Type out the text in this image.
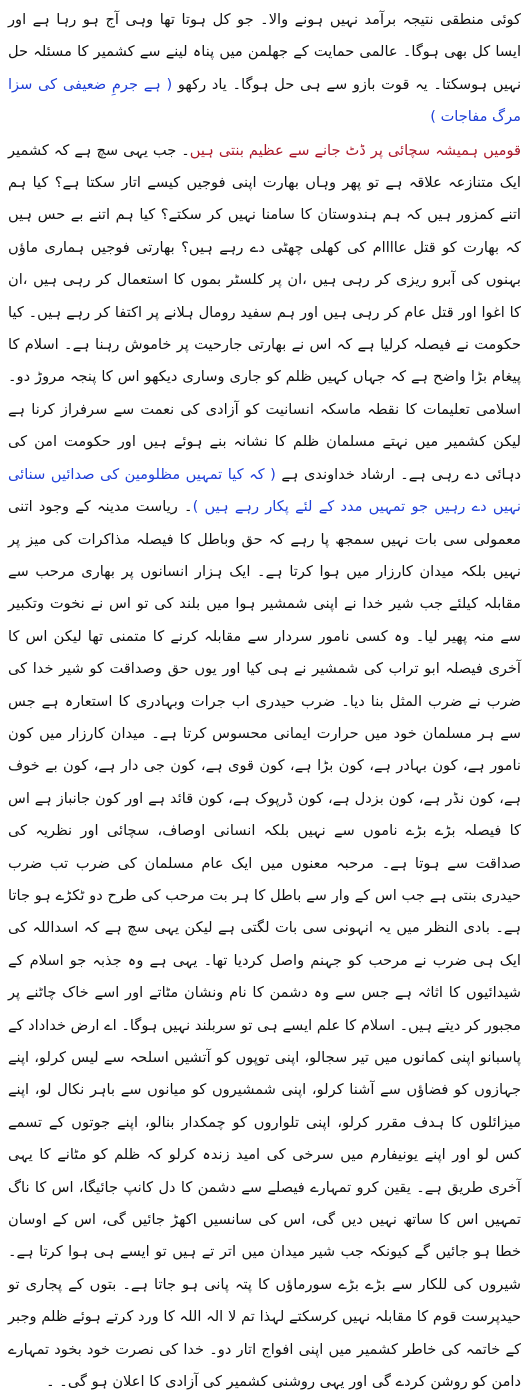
کوئی منطقی نتیجہ برآمد نہیں ہونے والا۔ جو کل ہوتا تھا وہی آج ہو رہا ہے اور ایسا کل بھی ہوگا۔ عالمی حمایت کے جھلمن میں پناہ لینے سے کشمیر کا مسئلہ حل نہیں ہوسکتا۔ یہ قوت بازو سے ہی حل ہوگا۔ یاد رکھو ( ہے جرمِ ضعیفی کی سزا مرگ مفاجات )

قومیں ہمیشہ سچائی پر ڈٹ جانے سے عظیم بنتی ہیں۔ جب یہی سچ ہے کہ کشمیر ایک متنازعہ علاقہ ہے تو پھر وہاں بھارت اپنی فوجیں کیسے اتار سکتا ہے؟ کیا ہم اتنے کمزور ہیں کہ ہم ہندوستان کا سامنا نہیں کر سکتے؟ کیا ہم اتنے بے حس ہیں کہ بھارت کو قتل عاااام کی کھلی چھٹی دے رہے ہیں؟ بھارتی فوجیں ہماری ماؤں بہنوں کی آبرو ریزی کر رہی ہیں ،ان پر کلسٹر بموں کا استعمال کر رہی ہیں ،ان کا اغوا اور قتل عام کر رہی ہیں اور ہم سفید رومال ہلانے پر اکتفا کر رہے ہیں۔ کیا حکومت نے فیصلہ کرلیا ہے کہ اس نے بھارتی جارحیت پر خاموش رہنا ہے۔ اسلام کا پیغام بڑا واضح ہے کہ جہاں کہیں ظلم کو جاری وساری دیکھو اس کا پنجہ مروڑ دو۔ اسلامی تعلیمات کا نقطہ ماسکہ انسانیت کو آزادی کی نعمت سے سرفراز کرنا ہے لیکن کشمیر میں نہتے مسلمان ظلم کا نشانہ بنے ہوئے ہیں اور حکومت امن کی دہائی دے رہی ہے۔ ارشاد خداوندی ہے ( کہ کیا تمہیں مظلومین کی صدائیں سنائی نہیں دے رہیں جو تمہیں مدد کے لئے پکار رہے ہیں )۔ ریاست مدینہ کے وجود اتنی معمولی سی بات نہیں سمجھ پا رہے کہ حق وباطل کا فیصلہ مذاکرات کی میز پر نہیں بلکہ میدان کارزار میں ہوا کرتا ہے۔ ایک ہزار انسانوں پر بھاری مرحب سے مقابلہ کیلئے جب شیر خدا نے اپنی شمشیر ہوا میں بلند کی تو اس نے نخوت وتکبیر سے منہ پھیر لیا۔ وہ کسی نامور سردار سے مقابلہ کرنے کا متمنی تھا لیکن اس کا آخری فیصلہ ابو تراب کی شمشیر نے ہی کیا اور یوں حق وصداقت کو شیر خدا کی ضرب نے ضرب المثل بنا دیا۔ ضرب حیدری اب جرات وبہادری کا استعارہ ہے جس سے ہر مسلمان خود میں حرارت ایمانی محسوس کرتا ہے۔ میدان کارزار میں کون نامور ہے، کون بہادر ہے، کون بڑا ہے، کون قوی ہے، کون جی دار ہے، کون بے خوف ہے، کون نڈر ہے، کون بزدل ہے، کون ڈرپوک ہے، کون قائد ہے اور کون جانباز ہے اس کا فیصلہ بڑے بڑے ناموں سے نہیں بلکہ انسانی اوصاف، سچائی اور نظریہ کی صداقت سے ہوتا ہے۔ مرحبہ معنوں میں ایک عام مسلمان کی ضرب تب ضرب حیدری بنتی ہے جب اس کے وار سے باطل کا ہر بت مرحب کی طرح دو ٹکڑے ہو جاتا ہے۔ بادی النظر میں یہ انہونی سی بات لگتی ہے لیکن یہی سچ ہے کہ اسداللہ کی ایک ہی ضرب نے مرحب کو جہنم واصل کردیا تھا۔ یہی ہے وہ جذبہ جو اسلام کے شیدائیوں کا اثاثہ ہے جس سے وہ دشمن کا نام ونشان مٹاتے اور اسے خاک چاٹنے پر مجبور کر دیتے ہیں۔ اسلام کا علم ایسے ہی تو سربلند نہیں ہوگا۔ اے ارض خداداد کے پاسبانو اپنی کمانوں میں تیر سجالو، اپنی توپوں کو آتشیں اسلحہ سے لیس کرلو، اپنے جہازوں کو فضاؤں سے آشنا کرلو، اپنی شمشیروں کو میانوں سے باہر نکال لو، اپنے میزائلوں کا ہدف مقرر کرلو، اپنی تلواروں کو چمکدار بنالو، اپنے جوتوں کے تسمے کس لو اور اپنے یونیفارم میں سرخی کی امید زندہ کرلو کہ ظلم کو مٹانے کا یہی آخری طریق ہے۔ یقین کرو تمہارے فیصلے سے دشمن کا دل کانپ جائیگا، اس کا ناگ تمہیں اس کا ساتھ نہیں دیں گی، اس کی سانسیں اکھڑ جائیں گی، اس کے اوسان خطا ہو جائیں گے کیونکہ جب شیر میدان میں اتر تے ہیں تو ایسے ہی ہوا کرتا ہے۔ شیروں کی للکار سے بڑے بڑے سورماؤں کا پتہ پانی ہو جاتا ہے۔ بتوں کے پجاری تو حیدپرست قوم کا مقابلہ نہیں کرسکتے لہذا تم لا الہ اللہ کا ورد کرتے ہوئے ظلم وجبر کے خاتمہ کی خاطر کشمیر میں اپنی افواج اتار دو۔ خدا کی نصرت خود بخود تمہارے دامن کو روشن کردے گی اور یہی روشنی کشمیر کی آزادی کا اعلان ہو گی۔ ۔
